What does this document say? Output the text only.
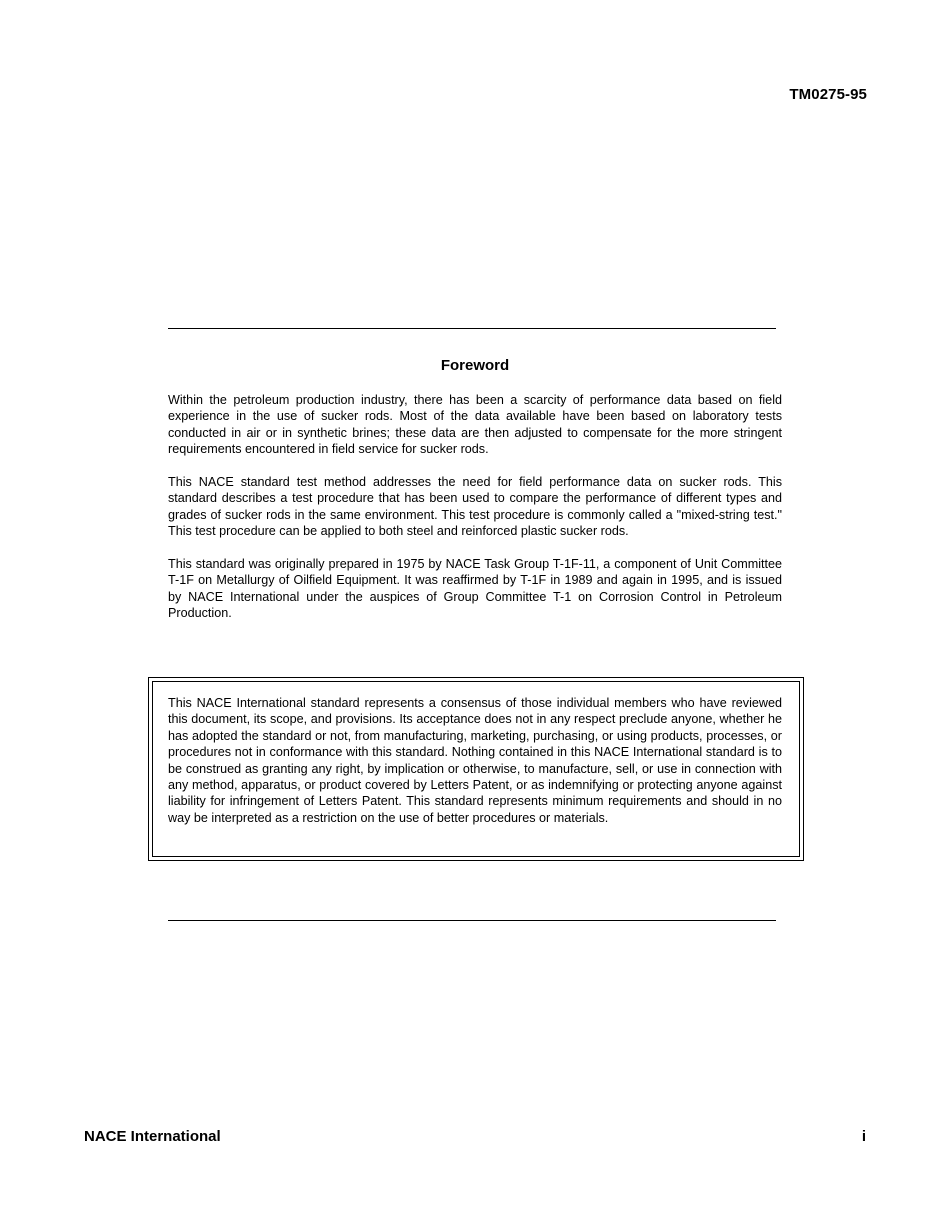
TM0275-95
Foreword

Within the petroleum production industry, there has been a scarcity of performance data based on field experience in the use of sucker rods. Most of the data available have been based on laboratory tests conducted in air or in synthetic brines; these data are then adjusted to compensate for the more stringent requirements encountered in field service for sucker rods.

This NACE standard test method addresses the need for field performance data on sucker rods. This standard describes a test procedure that has been used to compare the performance of different types and grades of sucker rods in the same environment. This test procedure is commonly called a "mixed-string test." This test procedure can be applied to both steel and reinforced plastic sucker rods.

This standard was originally prepared in 1975 by NACE Task Group T-1F-11, a component of Unit Committee T-1F on Metallurgy of Oilfield Equipment. It was reaffirmed by T-1F in 1989 and again in 1995, and is issued by NACE International under the auspices of Group Committee T-1 on Corrosion Control in Petroleum Production.

This NACE International standard represents a consensus of those individual members who have reviewed this document, its scope, and provisions. Its acceptance does not in any respect preclude anyone, whether he has adopted the standard or not, from manufacturing, marketing, purchasing, or using products, processes, or procedures not in conformance with this standard. Nothing contained in this NACE International standard is to be construed as granting any right, by implication or otherwise, to manufacture, sell, or use in connection with any method, apparatus, or product covered by Letters Patent, or as indemnifying or protecting anyone against liability for infringement of Letters Patent. This standard represents minimum requirements and should in no way be interpreted as a restriction on the use of better procedures or materials.

NACE International	i
